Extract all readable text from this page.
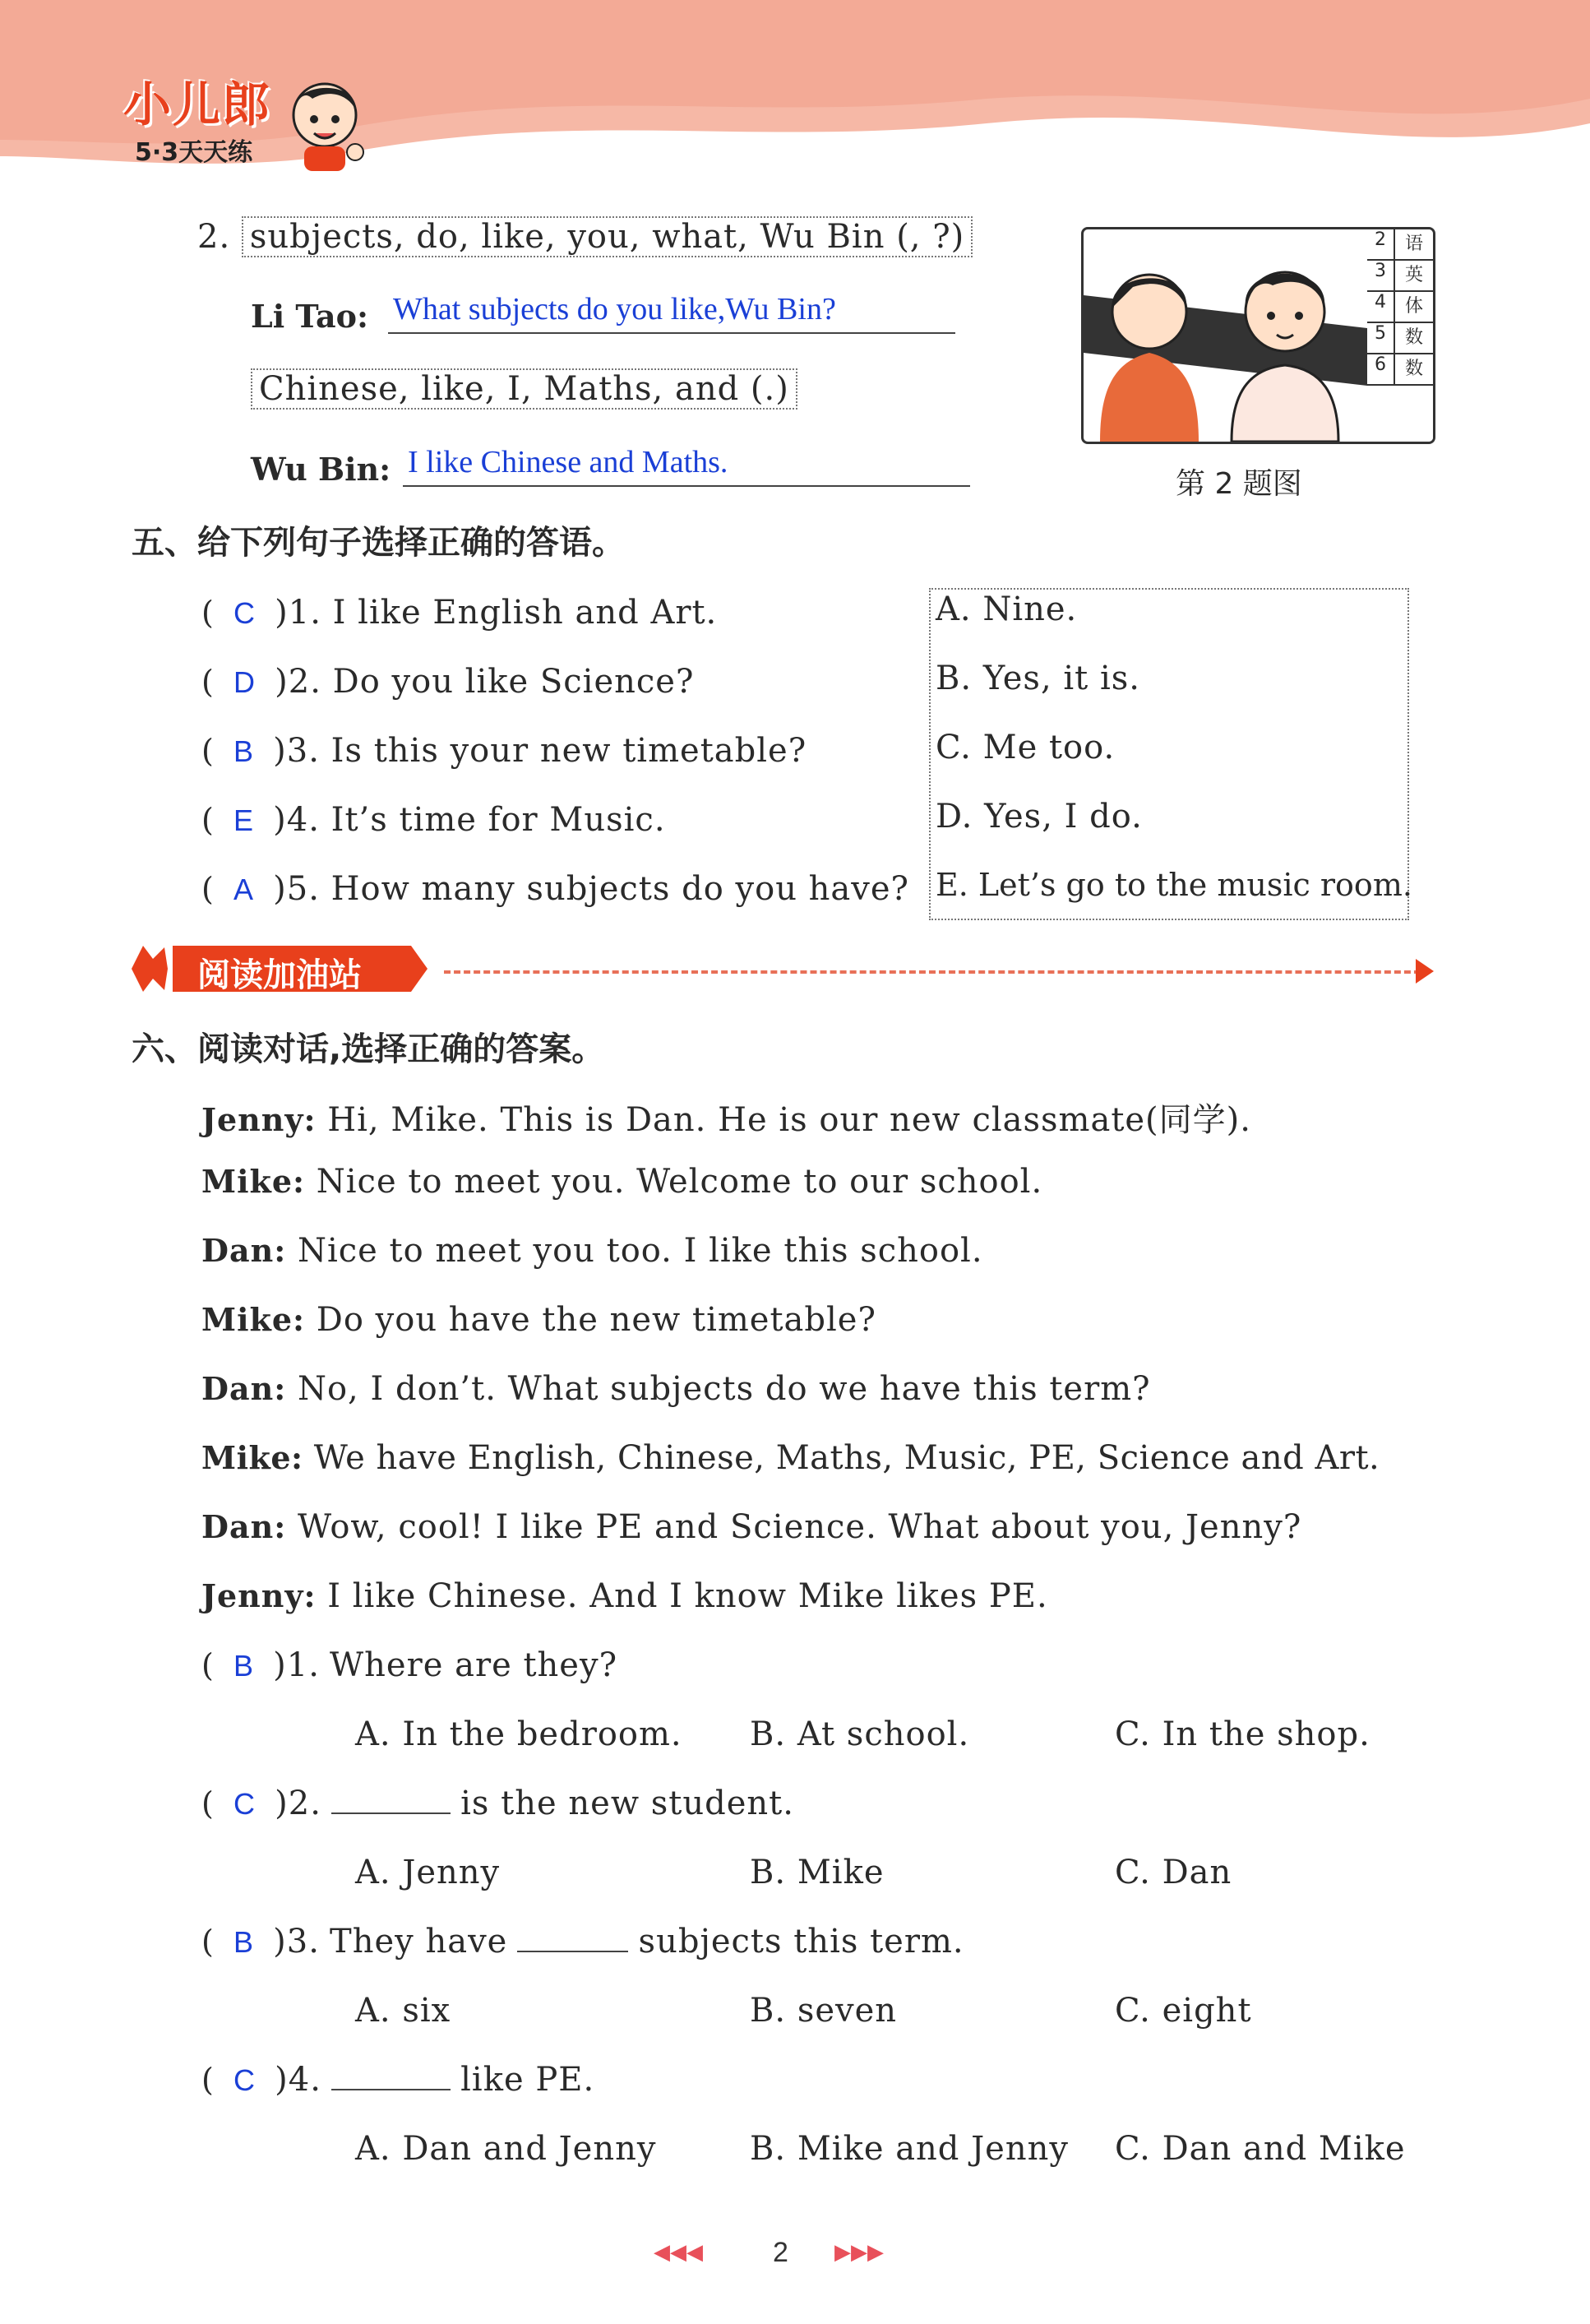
小儿郎
5·3天天练
2. subjects, do, like, you, what, Wu Bin (, ?)
Li Tao: What subjects do you like,Wu Bin?
Chinese, like, I, Maths, and (.)
Wu Bin: I like Chinese and Maths.
2	语
3	英
4	体
5	数
6	数
第 2 题图
五、给下列句子选择正确的答语。
(  C )1. I like English and Art.
(  D )2. Do you like Science?
(  B )3. Is this your new timetable?
(  E )4. It’s time for Music.
(  A )5. How many subjects do you have?
A. Nine.
B. Yes, it is.
C. Me too.
D. Yes, I do.
E. Let’s go to the music room.
阅读加油站
六、阅读对话,选择正确的答案。
Jenny: Hi, Mike. This is Dan. He is our new classmate(同学).
Mike: Nice to meet you. Welcome to our school.
Dan: Nice to meet you too. I like this school.
Mike: Do you have the new timetable?
Dan: No, I don’t. What subjects do we have this term?
Mike: We have English, Chinese, Maths, Music, PE, Science and Art.
Dan: Wow, cool! I like PE and Science. What about you, Jenny?
Jenny: I like Chinese. And I know Mike likes PE.
(  B )1. Where are they?
A. In the bedroom. B. At school.	C. In the shop.
(  C )2.	is the new student.
A. Jenny	B. Mike	C. Dan
(  B )3. They have	subjects this term.
A. six	B. seven	C. eight
(  C )4.	like PE.
A. Dan and Jenny	B. Mike and Jenny C. Dan and Mike
◀◀◀	2 ▶▶▶
